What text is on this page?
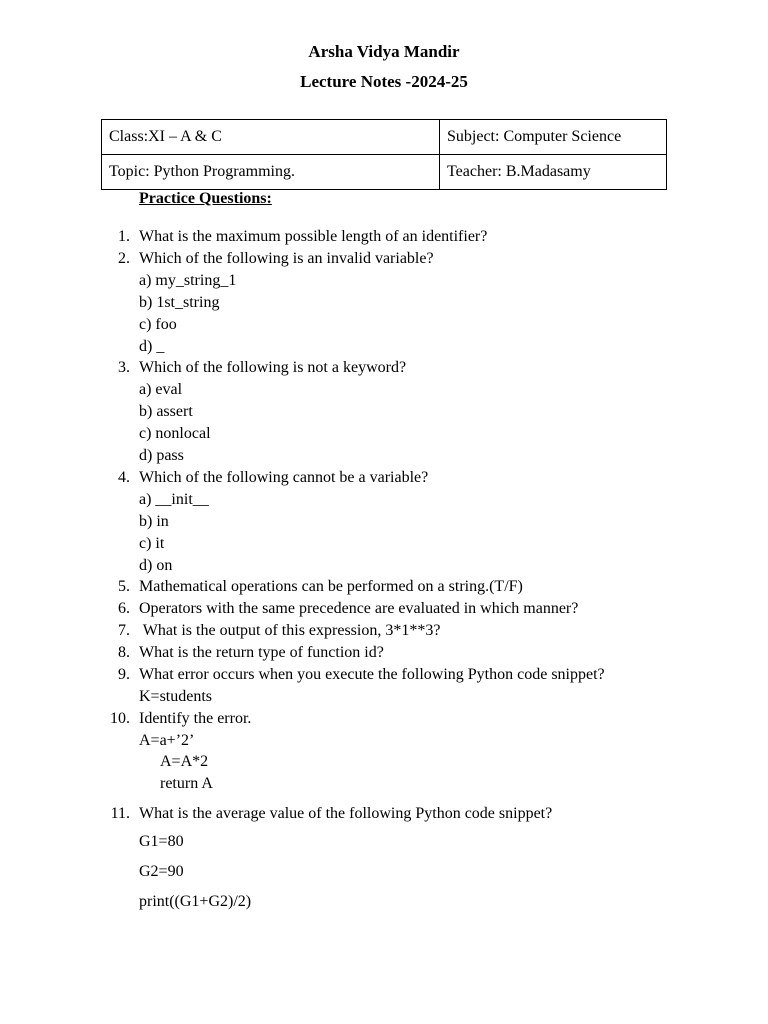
Arsha Vidya Mandir
Lecture Notes -2024-25
Class:XI – A & C	Subject: Computer Science
Topic: Python Programming.	Teacher: B.Madasamy
Practice Questions:
1. What is the maximum possible length of an identifier?
2. Which of the following is an invalid variable?
a) my_string_1
b) 1st_string
c) foo
d) _
3. Which of the following is not a keyword?
a) eval
b) assert
c) nonlocal
d) pass
4. Which of the following cannot be a variable?
a) __init__
b) in
c) it
d) on
5. Mathematical operations can be performed on a string.(T/F)
6. Operators with the same precedence are evaluated in which manner?
7. What is the output of this expression, 3*1**3?
8. What is the return type of function id?
9. What error occurs when you execute the following Python code snippet?
K=students
10. Identify the error.
A=a+’2’
A=A*2
return A
11. What is the average value of the following Python code snippet?
G1=80
G2=90
print((G1+G2)/2)
